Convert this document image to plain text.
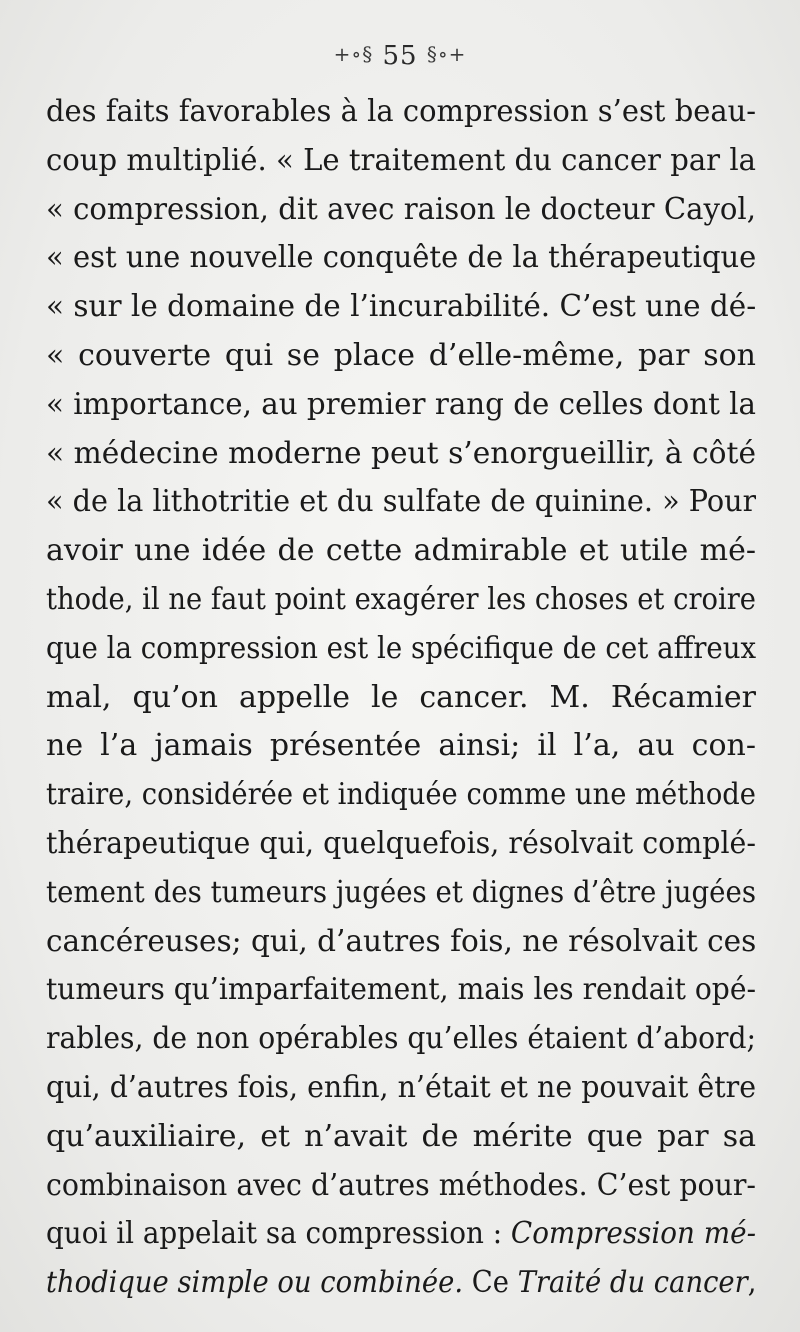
+∘§ 55 §∘+
des faits favorables à la compression s’est beau-
coup multiplié. « Le traitement du cancer par la
« compression, dit avec raison le docteur Cayol,
« est une nouvelle conquête de la thérapeutique
« sur le domaine de l’incurabilité. C’est une dé-
« couverte qui se place d’elle-même, par son
« importance, au premier rang de celles dont la
« médecine moderne peut s’enorgueillir, à côté
« de la lithotritie et du sulfate de quinine. » Pour
avoir une idée de cette admirable et utile mé-
thode, il ne faut point exagérer les choses et croire
que la compression est le spécifique de cet affreux
mal, qu’on appelle le cancer. M. Récamier
ne l’a jamais présentée ainsi; il l’a, au con-
traire, considérée et indiquée comme une méthode
thérapeutique qui, quelquefois, résolvait complé-
tement des tumeurs jugées et dignes d’être jugées
cancéreuses; qui, d’autres fois, ne résolvait ces
tumeurs qu’imparfaitement, mais les rendait opé-
rables, de non opérables qu’elles étaient d’abord;
qui, d’autres fois, enfin, n’était et ne pouvait être
qu’auxiliaire, et n’avait de mérite que par sa
combinaison avec d’autres méthodes. C’est pour-
quoi il appelait sa compression : Compression mé-
thodique simple ou combinée. Ce Traité du cancer,
